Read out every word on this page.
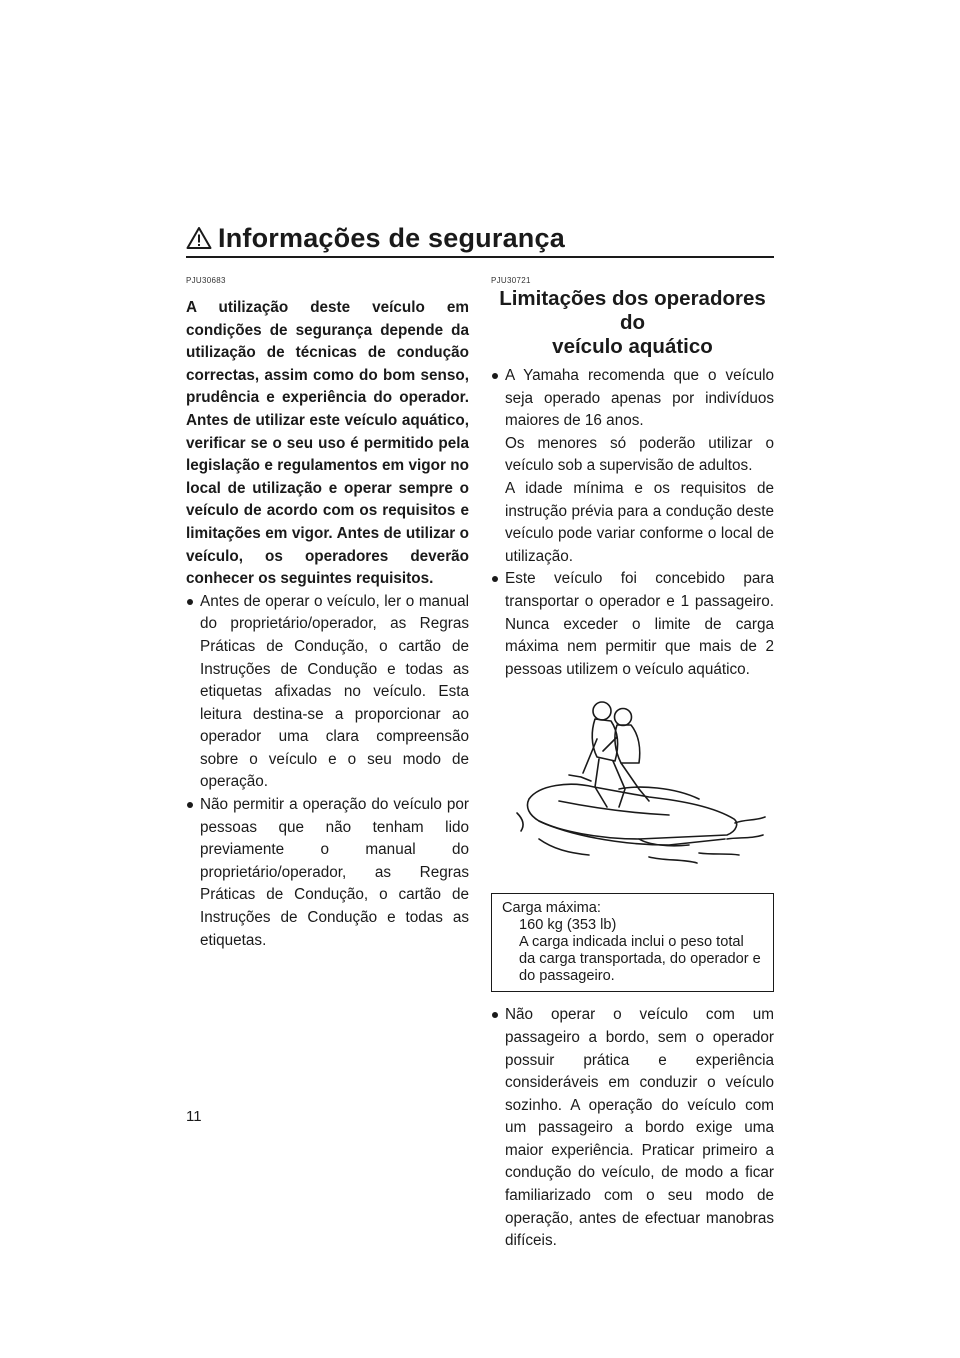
Informações de segurança
PJU30683

A utilização deste veículo em condições de segurança depende da utilização de técnicas de condução correctas, assim como do bom senso, prudência e experiência do operador. Antes de utilizar este veículo aquático, verificar se o seu uso é permitido pela legislação e regulamentos em vigor no local de utilização e operar sempre o veículo de acordo com os requisitos e limitações em vigor. Antes de utilizar o veículo, os operadores deverão conhecer os seguintes requisitos.

Antes de operar o veículo, ler o manual do proprietário/operador, as Regras Práticas de Condução, o cartão de Instruções de Condução e todas as etiquetas afixadas no veículo. Esta leitura destina-se a proporcionar ao operador uma clara compreensão sobre o veículo e o seu modo de operação.
Não permitir a operação do veículo por pessoas que não tenham lido previamente o manual do proprietário/operador, as Regras Práticas de Condução, o cartão de Instruções de Condução e todas as etiquetas.
PJU30721
Limitações dos operadores do
veículo aquático

A Yamaha recomenda que o veículo seja operado apenas por indivíduos maiores de 16 anos.

Os menores só poderão utilizar o veículo sob a supervisão de adultos.

A idade mínima e os requisitos de instrução prévia para a condução deste veículo pode variar conforme o local de utilização.

Este veículo foi concebido para transportar o operador e 1 passageiro. Nunca exceder o limite de carga máxima nem permitir que mais de 2 pessoas utilizem o veículo aquático.
Carga máxima:
160 kg (353 lb)
A carga indicada inclui o peso total da carga transportada, do operador e do passageiro.
Não operar o veículo com um passageiro a bordo, sem o operador possuir prática e experiência consideráveis em conduzir o veículo sozinho. A operação do veículo com um passageiro a bordo exige uma maior experiência. Praticar primeiro a condução do veículo, de modo a ficar familiarizado com o seu modo de operação, antes de efectuar manobras difíceis.
11
